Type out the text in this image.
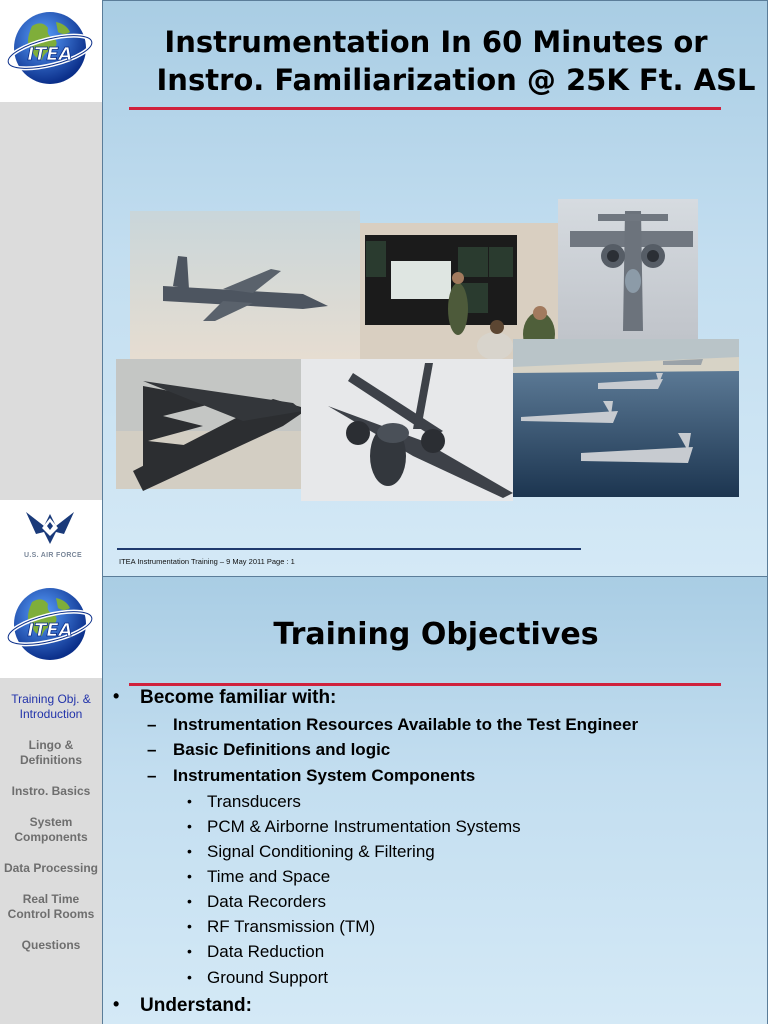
ITEA	Instrumentation In 60 Minutes or
Instro. Familiarization @ 25K Ft. ASL
ITEA Instrumentation Training – 9 May 2011 Page : 1
U.S. AIR FORCE
ITEA
Training Obj. & Introduction
Lingo & Definitions
Instro. Basics
System Components
Data Processing
Real Time Control Rooms
Questions
Training Objectives
•	Become familiar with:
– Instrumentation Resources Available to the Test Engineer
– Basic Definitions and logic
– Instrumentation System Components
• Transducers
• PCM & Airborne Instrumentation Systems
• Signal Conditioning & Filtering
• Time and Space
• Data Recorders
• RF Transmission (TM)
• Data Reduction
• Ground Support
•	Understand:
